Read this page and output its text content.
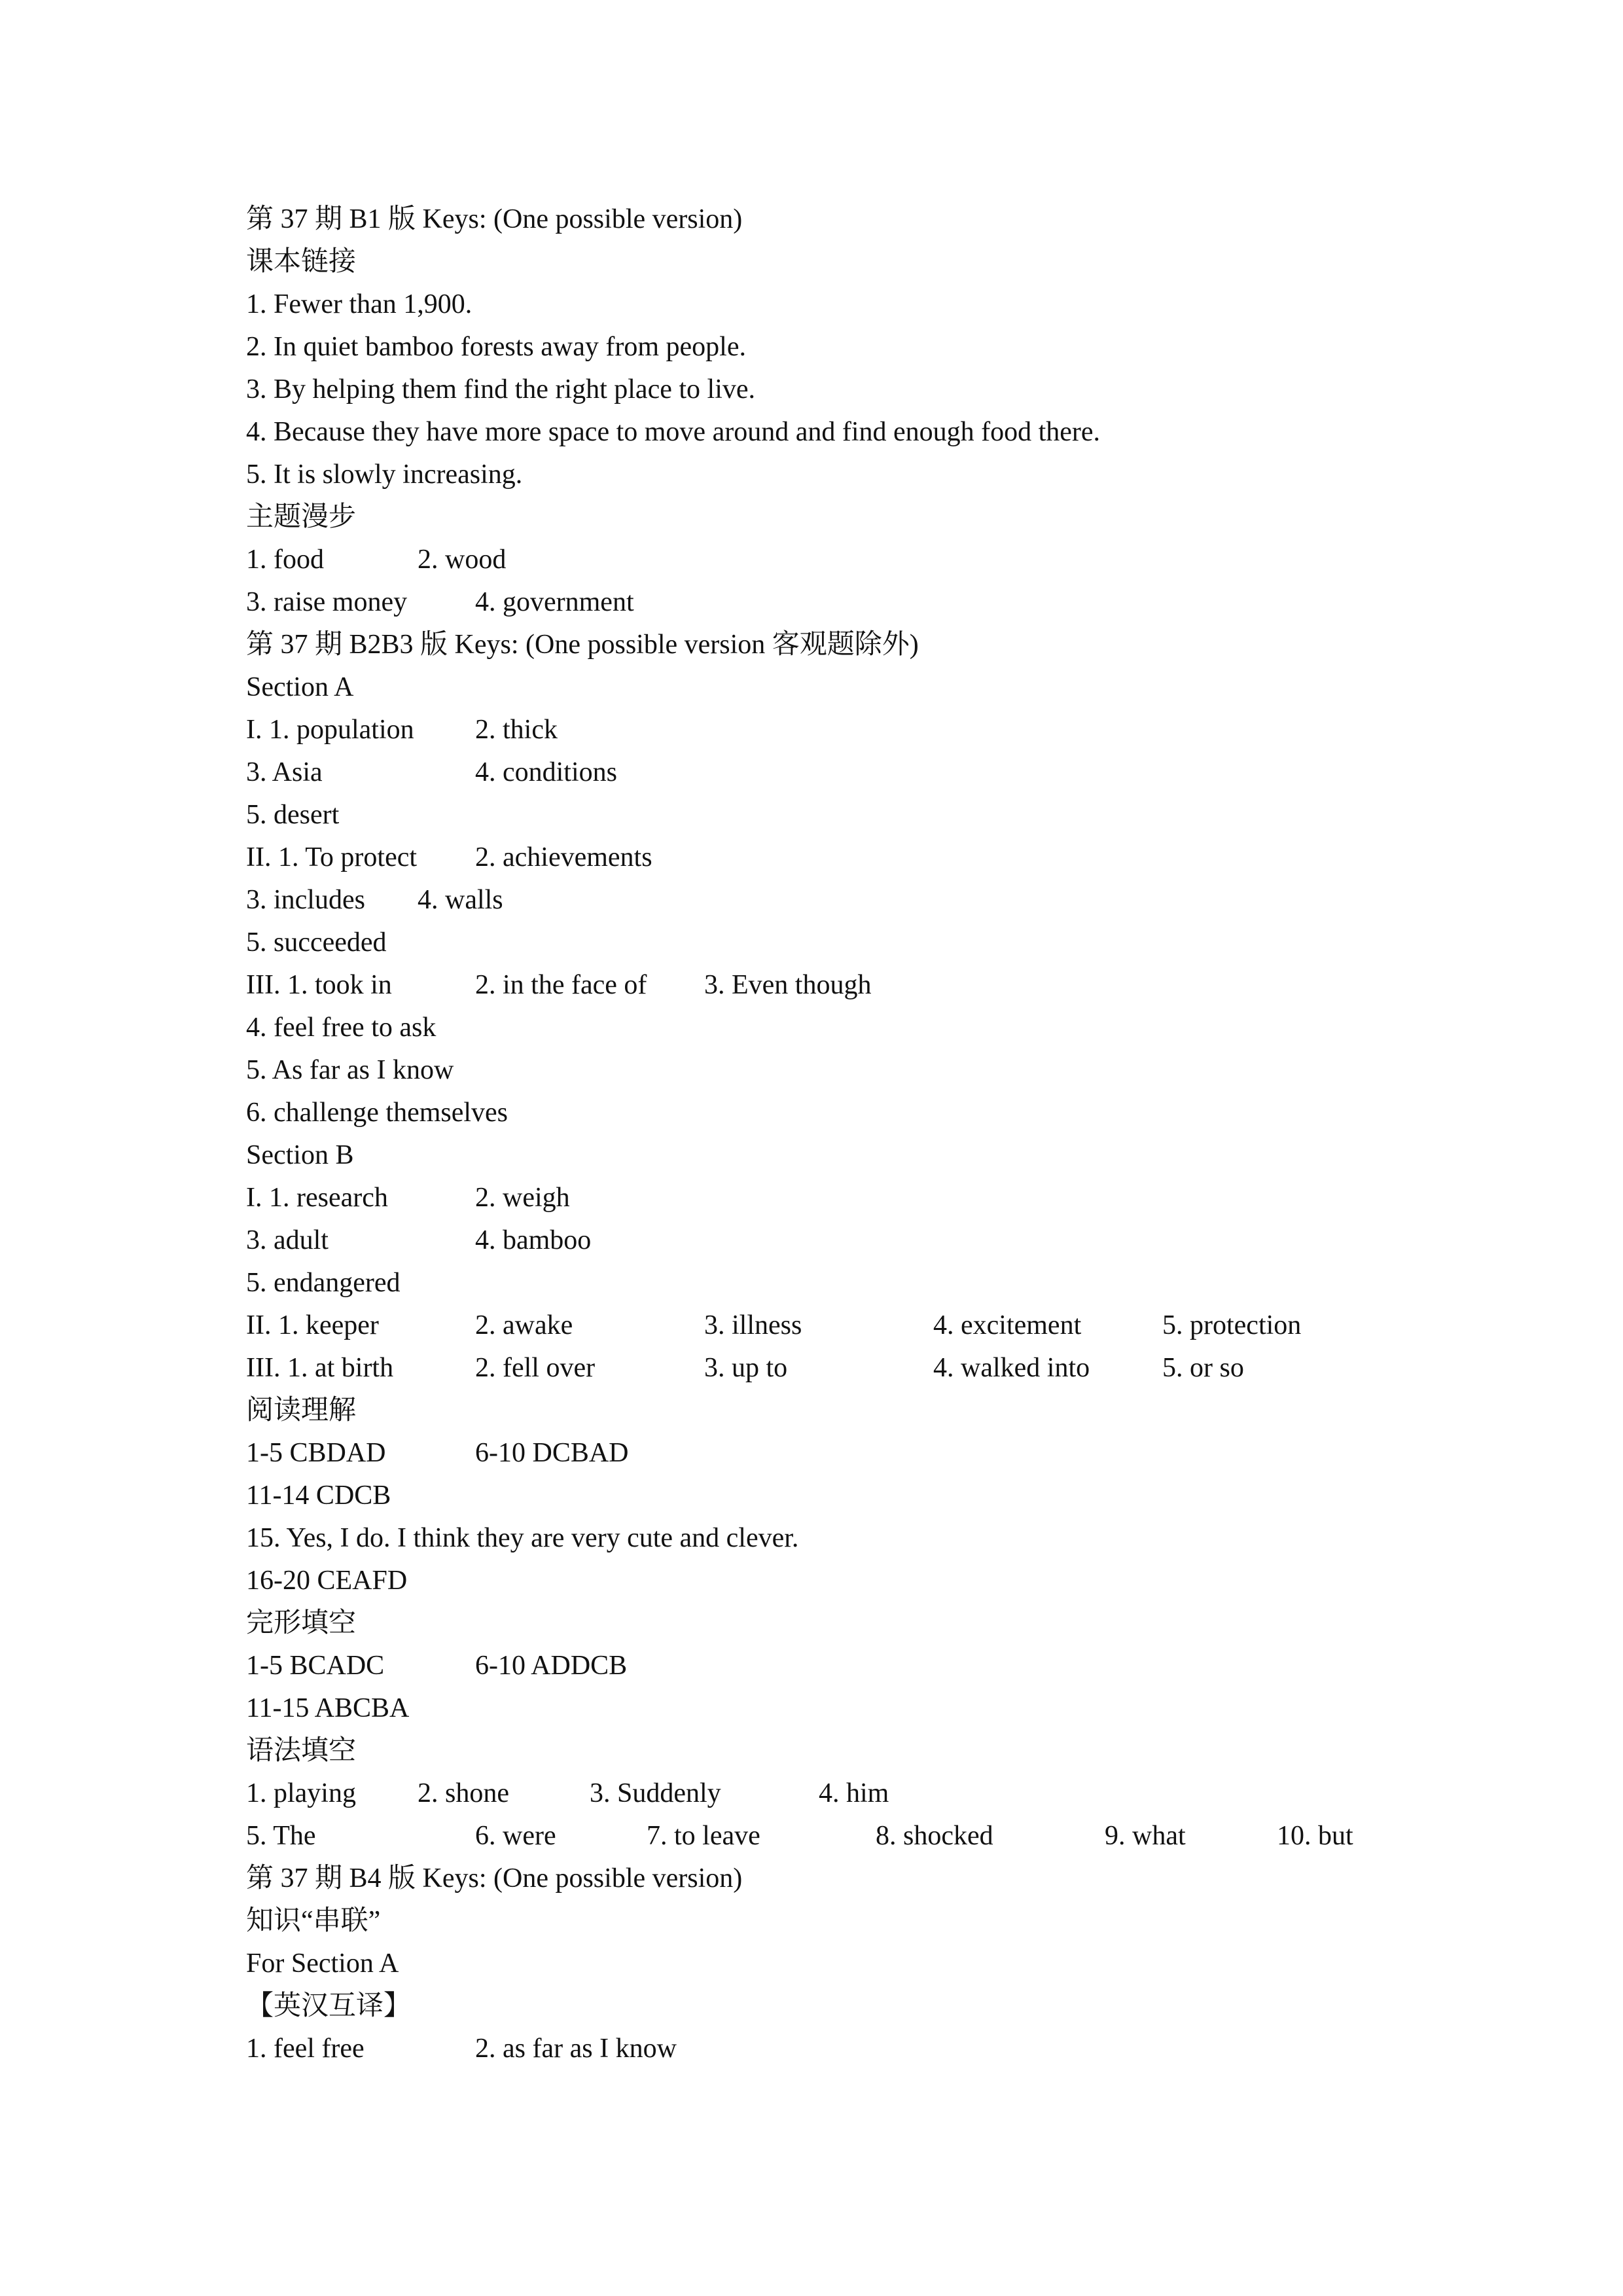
第 37 期 B1 版 Keys: (One possible version)
课本链接
1. Fewer than 1,900.
2. In quiet bamboo forests away from people.
3. By helping them find the right place to live.
4. Because they have more space to move around and find enough food there.
5. It is slowly increasing.
主题漫步
1. food	2. wood
3. raise money 4. government
第 37 期 B2B3 版 Keys: (One possible version 客观题除外)
Section A
I. 1. population 2. thick
3. Asia	4. conditions
5. desert
II. 1. To protect 2. achievements
3. includes 4. walls
5. succeeded
III. 1. took in	2. in the face of 3. Even though
4. feel free to ask
5. As far as I know
6. challenge themselves
Section B
I. 1. research	2. weigh
3. adult	4. bamboo
5. endangered
II. 1. keeper	2. awake	3. illness	4. excitement	5. protection
III. 1. at birth	2. fell over	3. up to	4. walked into	5. or so
阅读理解
1-5 CBDAD	6-10 DCBAD
11-14 CDCB
15. Yes, I do. I think they are very cute and clever.
16-20 CEAFD
完形填空
1-5 BCADC	6-10 ADDCB
11-15 ABCBA
语法填空
1. playing 2. shone	3. Suddenly	4. him
5. The	6. were	7. to leave	8. shocked	9. what	10. but
第 37 期 B4 版 Keys: (One possible version)
知识“串联”
For Section A
【英汉互译】
1. feel free	2. as far as I know
